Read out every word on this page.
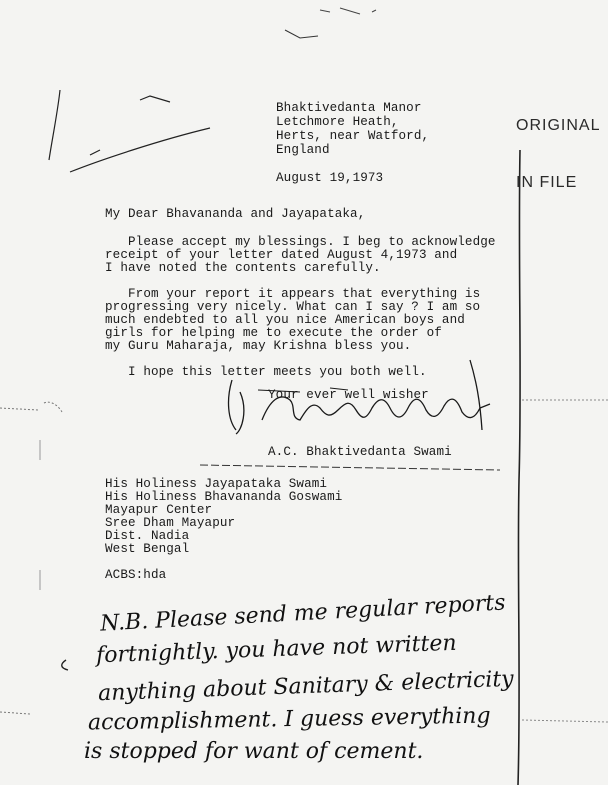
ORIGINAL

IN FILE

Bhaktivedanta Manor
Letchmore Heath,
Herts, near Watford,
England
August 19,1973
My Dear Bhavananda and Jayapataka,
Please accept my blessings. I beg to acknowledge
receipt of your letter dated August 4,1973 and
I have noted the contents carefully.
From your report it appears that everything is
progressing very nicely. What can I say ? I am so
much endebted to all you nice American boys and
girls for helping me to execute the order of
my Guru Maharaja, may Krishna bless you.
I hope this letter meets you both well.
Your ever well wisher
A.C. Bhaktivedanta Swami
His Holiness Jayapataka Swami
His Holiness Bhavananda Goswami
Mayapur Center
Sree Dham Mayapur
Dist. Nadia
West Bengal
ACBS:hda
N.B. Please send me regular reports
fortnightly. you have not written
anything about Sanitary & electricity
accomplishment. I guess everything
is stopped for want of cement.
